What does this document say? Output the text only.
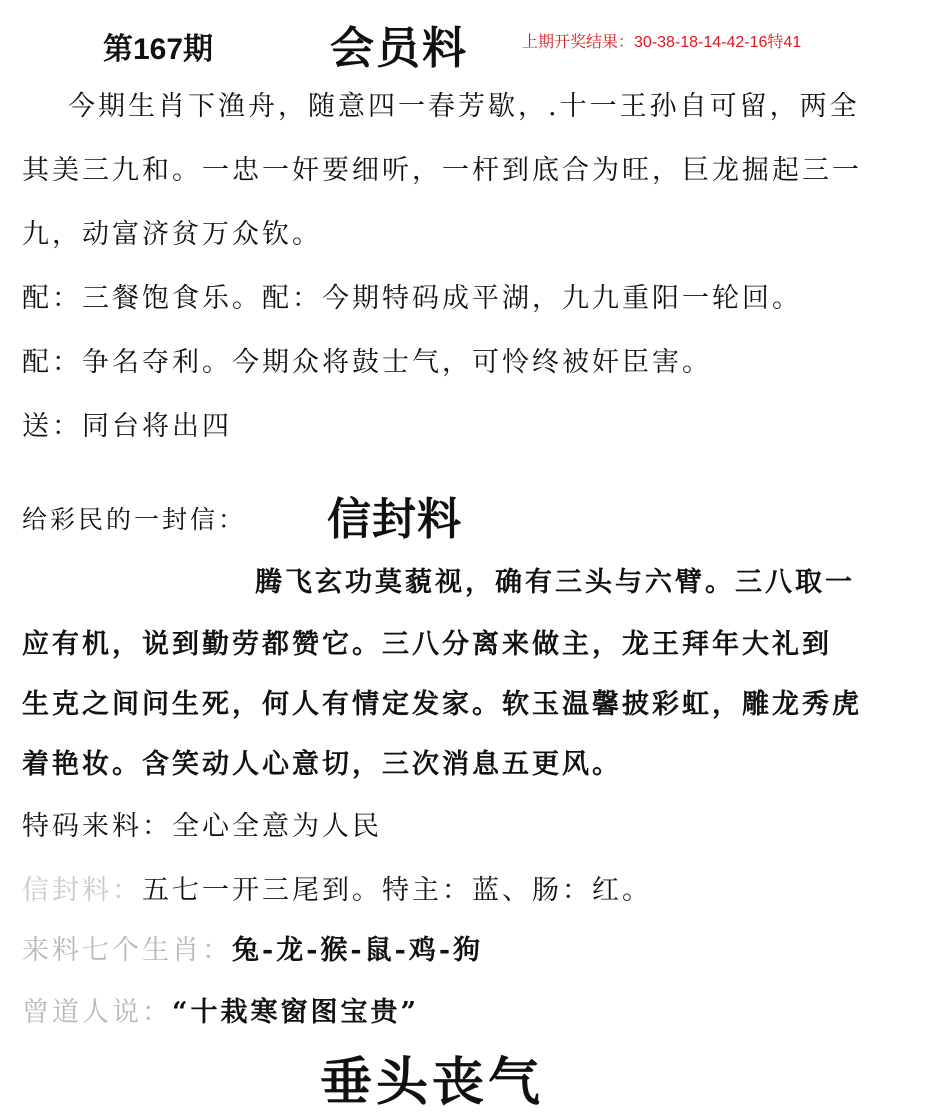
第167期	会员料	上期开奖结果：30-38-18-14-42-16特41
今期生肖下渔舟，随意四一春芳歇，.十一王孙自可留，两全
其美三九和。一忠一奸要细听，一杆到底合为旺，巨龙掘起三一
九，动富济贫万众钦。
配：三餐饱食乐。配：今期特码成平湖，九九重阳一轮回。
配：争名夺利。今期众将鼓士气，可怜终被奸臣害。
送：同台将出四
给彩民的一封信： 信封料
腾飞玄功莫藐视，确有三头与六臂。三八取一
应有机，说到勤劳都赞它。三八分离来做主，龙王拜年大礼到
生克之间问生死，何人有情定发家。软玉温馨披彩虹，雕龙秀虎
着艳妆。含笑动人心意切，三次消息五更风。
特码来料：全心全意为人民
信封料：五七一开三尾到。特主：蓝、肠：红。
来料七个生肖：兔-龙-猴-鼠-鸡-狗
曾道人说：“十栽寒窗图宝贵”
垂头丧气
